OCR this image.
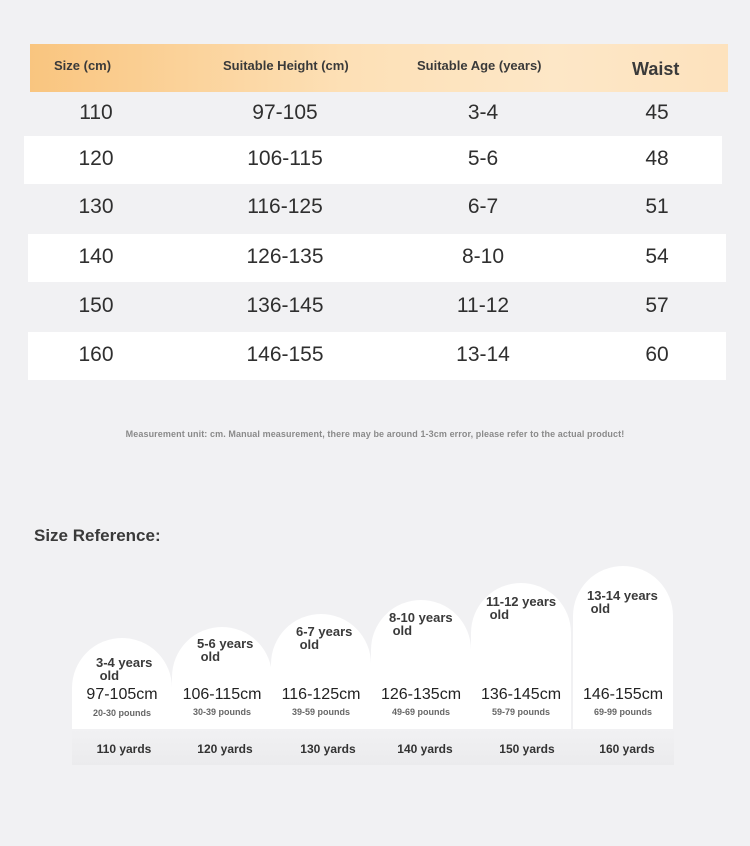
Size (cm)	Suitable Height (cm)	Suitable Age (years)	Waist
110	97-105	3-4	45
120	106-115	5-6	48
130	116-125	6-7	51
140	126-135	8-10	54
150	136-145	11-12	57
160	146-155	13-14	60
Measurement unit: cm. Manual measurement, there may be around 1-3cm error, please refer to the actual product!
Size Reference:
3-4 years
old
97-105cm
20-30 pounds
5-6 years
old
106-115cm
30-39 pounds
6-7 years
old
116-125cm
39-59 pounds
8-10 years
old
126-135cm
49-69 pounds
11-12 years
old
136-145cm
59-79 pounds
13-14 years
old
146-155cm
69-99 pounds
110 yards	120 yards	130 yards	140 yards	150 yards	160 yards
